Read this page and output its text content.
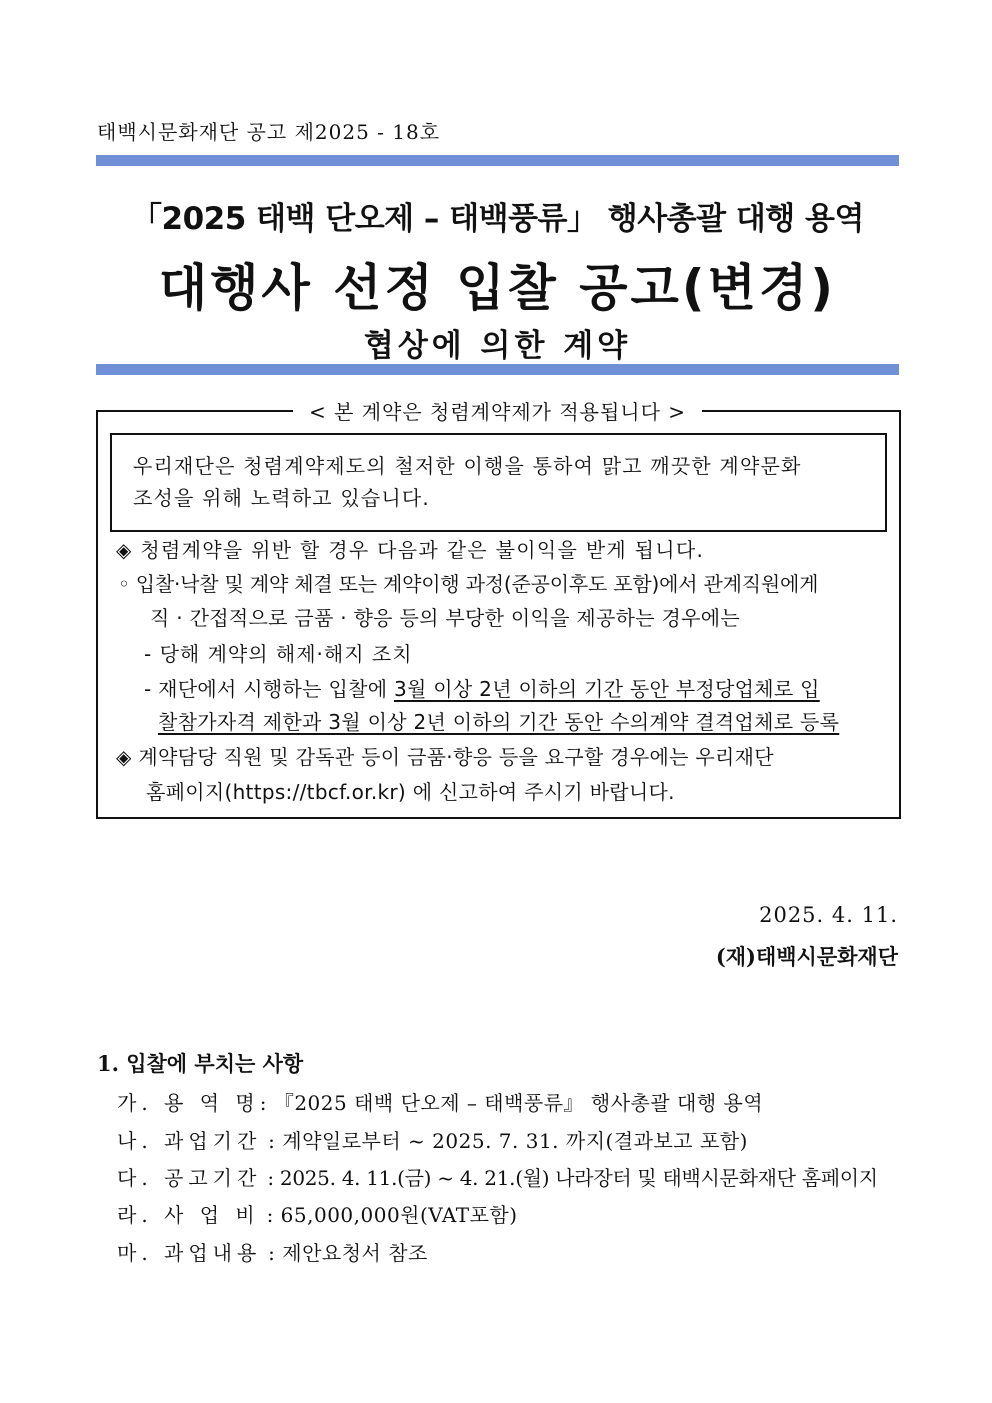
태백시문화재단 공고 제2025 - 18호
「2025 태백 단오제 – 태백풍류」 행사총괄 대행 용역
대행사 선정 입찰 공고(변경)
협상에 의한 계약
< 본 계약은 청렴계약제가 적용됩니다 >
우리재단은 청렴계약제도의 철저한 이행을 통하여 맑고 깨끗한 계약문화
조성을 위해 노력하고 있습니다.
◈ 청렴계약을 위반 할 경우 다음과 같은 불이익을 받게 됩니다.
◦ 입찰·낙찰 및 계약 체결 또는 계약이행 과정(준공이후도 포함)에서 관계직원에게
직 · 간접적으로 금품 · 향응 등의 부당한 이익을 제공하는 경우에는
- 당해 계약의 해제·해지 조치
- 재단에서 시행하는 입찰에 3월 이상 2년 이하의 기간 동안 부정당업체로 입
찰참가자격 제한과 3월 이상 2년 이하의 기간 동안 수의계약 결격업체로 등록
◈ 계약담당 직원 및 감독관 등이 금품·향응 등을 요구할 경우에는 우리재단
홈페이지(https://tbcf.or.kr) 에 신고하여 주시기 바랍니다.
2025. 4. 11.
(재)태백시문화재단
1. 입찰에 부치는 사항
가. 용 역 명: 『2025 태백 단오제 – 태백풍류』 행사총괄 대행 용역
나. 과업기간 : 계약일로부터 ~ 2025. 7. 31. 까지(결과보고 포함)
다. 공고기간 : 2025. 4. 11.(금) ~ 4. 21.(월) 나라장터 및 태백시문화재단 홈페이지
라. 사 업 비 : 65,000,000원(VAT포함)
마. 과업내용 : 제안요청서 참조
